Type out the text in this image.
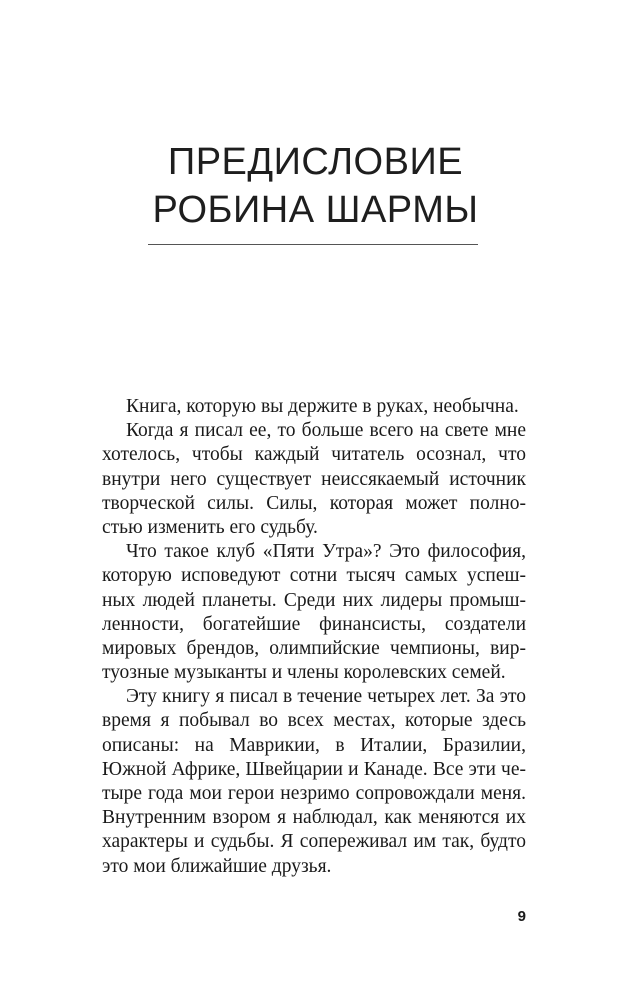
ПРЕДИСЛОВИЕ
РОБИНА ШАРМЫ
Книга, которую вы держите в руках, необычна.
Когда я писал ее, то больше всего на свете мне
хотелось, чтобы каждый читатель осознал, что
внутри него существует неиссякаемый источник
творческой силы. Силы, которая может полно-
стью изменить его судьбу.
Что такое клуб «Пяти Утра»? Это философия,
которую исповедуют сотни тысяч самых успеш-
ных людей планеты. Среди них лидеры промыш-
ленности, богатейшие финансисты, создатели
мировых брендов, олимпийские чемпионы, вир-
туозные музыканты и члены королевских семей.
Эту книгу я писал в течение четырех лет. За это
время я побывал во всех местах, которые здесь
описаны: на Маврикии, в Италии, Бразилии,
Южной Африке, Швейцарии и Канаде. Все эти че-
тыре года мои герои незримо сопровождали меня.
Внутренним взором я наблюдал, как меняются их
характеры и судьбы. Я сопереживал им так, будто
это мои ближайшие друзья.
9
